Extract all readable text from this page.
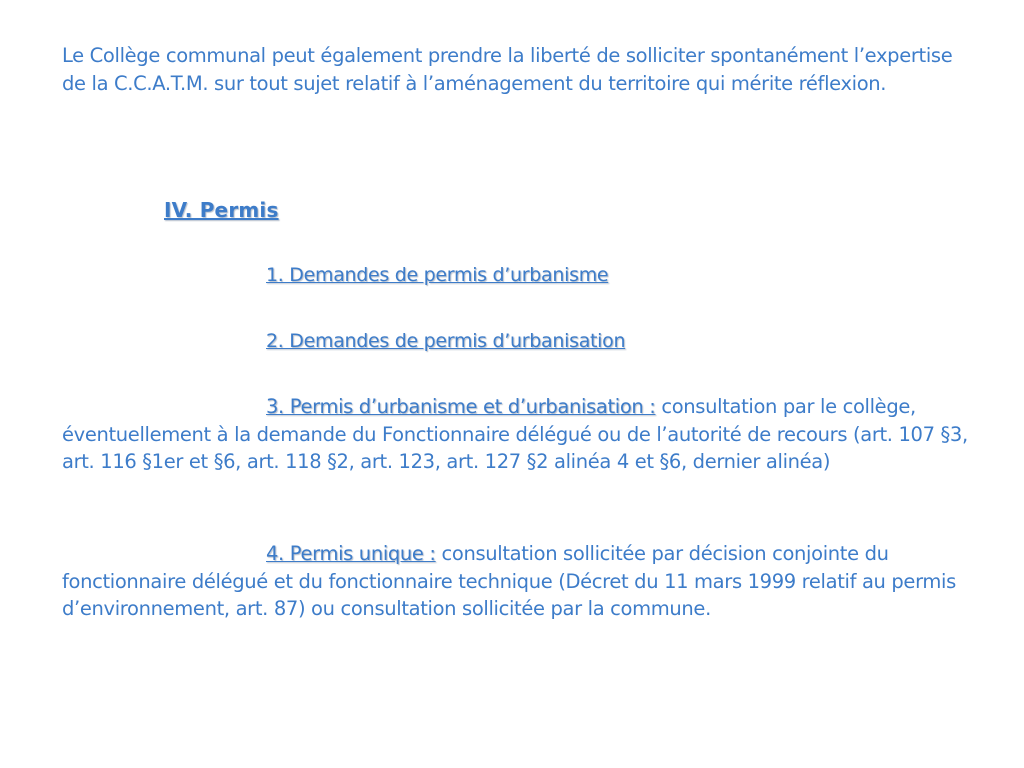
Le Collège communal peut également prendre la liberté de solliciter spontanément l’expertise de la C.C.A.T.M. sur tout sujet relatif à l’aménagement du territoire qui mérite réflexion.

IV. Permis
1. Demandes de permis d’urbanisme
2. Demandes de permis d’urbanisation

3. Permis d’urbanisme et d’urbanisation : consultation par le collège, éventuellement à la demande du Fonctionnaire délégué ou de l’autorité de recours (art. 107 §3, art. 116 §1er et §6, art. 118 §2, art. 123, art. 127 §2 alinéa 4 et §6, dernier alinéa)

4. Permis unique : consultation sollicitée par décision conjointe du fonctionnaire délégué et du fonctionnaire technique (Décret du 11 mars 1999 relatif au permis d’environnement, art. 87) ou consultation sollicitée par la commune.
